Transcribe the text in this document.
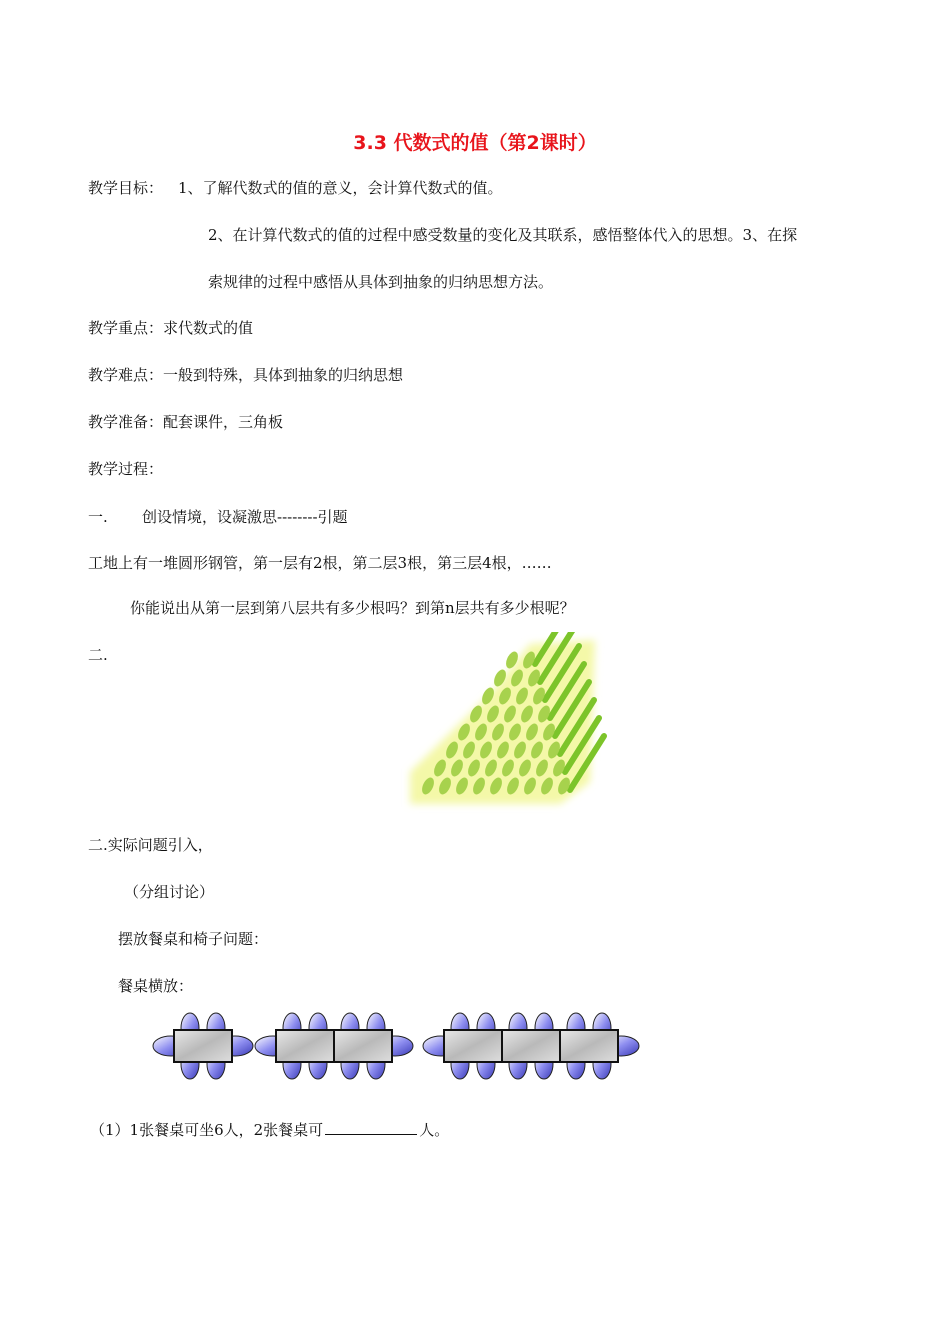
3.3 代数式的值（第2课时）
教学目标： 1、了解代数式的值的意义，会计算代数式的值。
2、在计算代数式的值的过程中感受数量的变化及其联系，感悟整体代入的思想。3、在探
索规律的过程中感悟从具体到抽象的归纳思想方法。
教学重点：求代数式的值
教学难点：一般到特殊，具体到抽象的归纳思想
教学准备：配套课件，三角板
教学过程：
一. 创设情境，设凝激思--------引题
工地上有一堆圆形钢管，第一层有2根，第二层3根，第三层4根，……
你能说出从第一层到第八层共有多少根吗？到第n层共有多少根呢？
二.
二.实际问题引入，
（分组讨论）
摆放餐桌和椅子问题：
餐桌横放：
（1）1张餐桌可坐6人，2张餐桌可	人。
